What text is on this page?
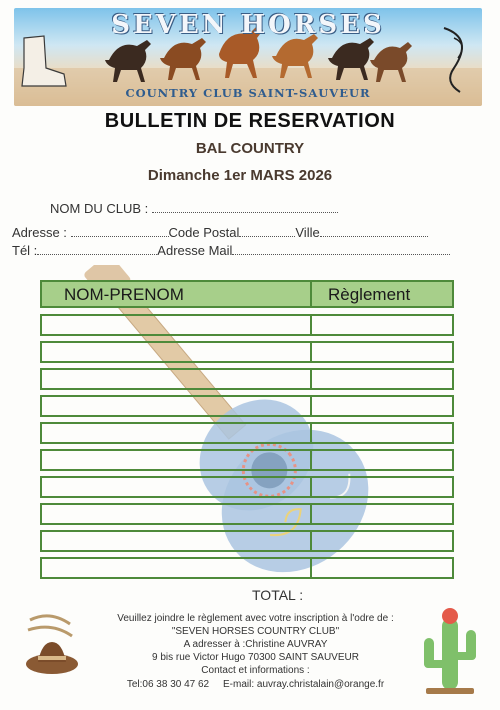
SEVEN HORSES
COUNTRY CLUB SAINT-SAUVEUR
BULLETIN DE RESERVATION
BAL COUNTRY
Dimanche 1er MARS 2026
NOM DU CLUB :
Adresse :	Code Postal	Ville
Tél :	Adresse Mail
NOM-PRENOM	Règlement
TOTAL :
Veuillez joindre le règlement avec votre inscription à l'odre de :
"SEVEN HORSES COUNTRY CLUB"
A adresser à :Christine AUVRAY
9 bis rue Victor Hugo 70300 SAINT SAUVEUR
Contact et informations :
Tel:06 38 30 47 62     E-mail: auvray.christalain@orange.fr
